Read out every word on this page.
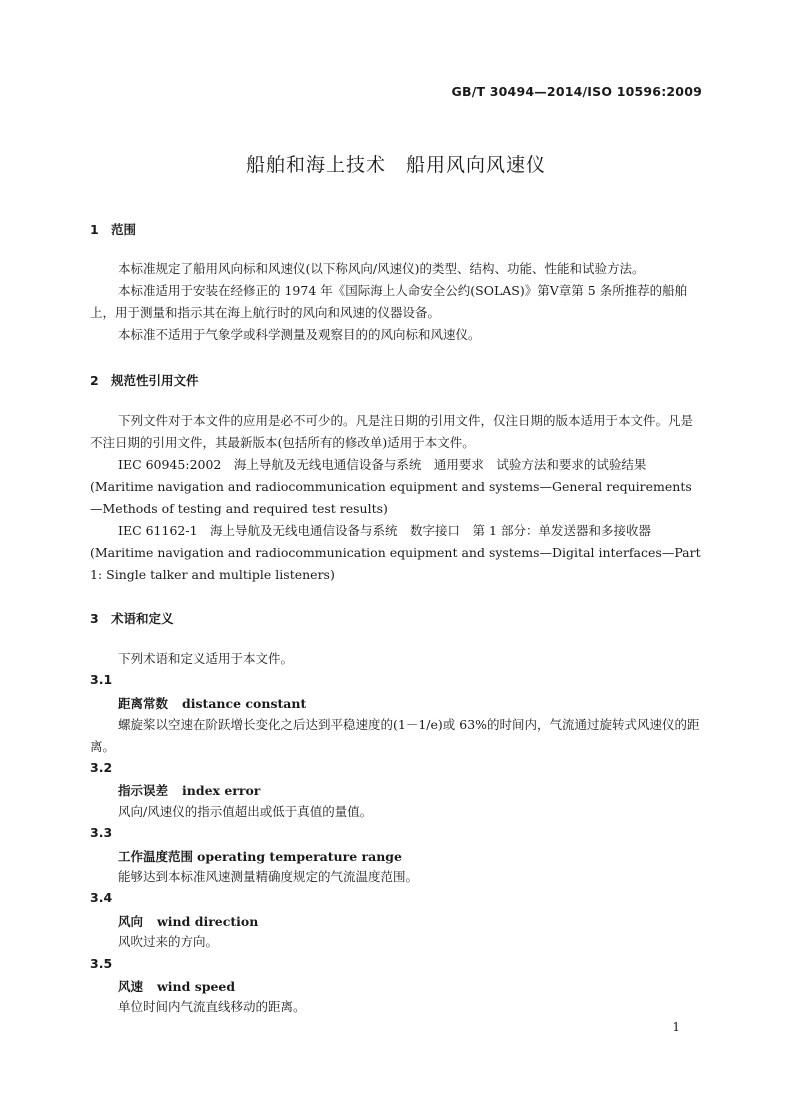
GB/T 30494—2014/ISO 10596:2009
船舶和海上技术　船用风向风速仪
1 范围
本标准规定了船用风向标和风速仪(以下称风向/风速仪)的类型、结构、功能、性能和试验方法。
本标准适用于安装在经修正的 1974 年《国际海上人命安全公约(SOLAS)》第Ⅴ章第 5 条所推荐的船舶上，用于测量和指示其在海上航行时的风向和风速的仪器设备。
本标准不适用于气象学或科学测量及观察目的的风向标和风速仪。
2 规范性引用文件
下列文件对于本文件的应用是必不可少的。凡是注日期的引用文件，仅注日期的版本适用于本文件。凡是不注日期的引用文件，其最新版本(包括所有的修改单)适用于本文件。
IEC 60945:2002　海上导航及无线电通信设备与系统　通用要求　试验方法和要求的试验结果(Maritime navigation and radiocommunication equipment and systems—General requirements—Methods of testing and required test results)
IEC 61162-1　海上导航及无线电通信设备与系统　数字接口　第 1 部分：单发送器和多接收器(Maritime navigation and radiocommunication equipment and systems—Digital interfaces—Part 1: Single talker and multiple listeners)
3 术语和定义
下列术语和定义适用于本文件。
3.1
距离常数 distance constant
螺旋桨以空速在阶跃增长变化之后达到平稳速度的(1－1/e)或 63%的时间内，气流通过旋转式风速仪的距离。
3.2
指示误差 index error
风向/风速仪的指示值超出或低于真值的量值。
3.3
工作温度范围 operating temperature range
能够达到本标准风速测量精确度规定的气流温度范围。
3.4
风向 wind direction
风吹过来的方向。
3.5
风速 wind speed
单位时间内气流直线移动的距离。
1
